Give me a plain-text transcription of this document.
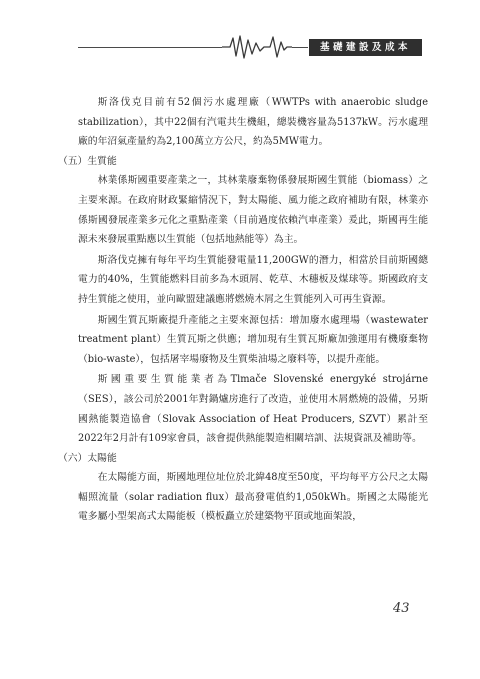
基礎建設及成本

斯洛伐克目前有52個污水處理廠（WWTPs with anaerobic sludge stabilization），其中22個有汽電共生機組，總裝機容量為5137kW。污水處理廠的年沼氣產量約為2,100萬立方公尺，約為5MW電力。

（五）生質能

林業係斯國重要產業之一，其林業廢棄物係發展斯國生質能（biomass）之主要來源。在政府財政緊縮情況下，對太陽能、風力能之政府補助有限，林業亦係斯國發展產業多元化之重點產業（目前過度依賴汽車產業）爰此，斯國再生能源未來發展重點應以生質能（包括地熱能等）為主。

斯洛伐克擁有每年平均生質能發電量11,200GW的潛力，相當於目前斯國總電力的40%，生質能燃料目前多為木頭屑、乾草、木穗板及煤球等。斯國政府支持生質能之使用，並向歐盟建議應將燃燒木屑之生質能列入可再生資源。

斯國生質瓦斯廠提升產能之主要來源包括：增加廢水處理場（wastewater treatment plant）生質瓦斯之供應；增加現有生質瓦斯廠加強運用有機廢棄物（bio-waste），包括屠宰場廢物及生質柴油場之廢料等，以提升產能。

斯國重要生質能業者為Tlmače Slovenské energyké strojárne （SES），該公司於2001年對鍋爐房進行了改造，並使用木屑燃燒的設備，另斯國熱能製造協會（Slovak Association of Heat Producers, SZVT）累計至2022年2月計有109家會員，該會提供熱能製造相關培訓、法規資訊及補助等。

（六）太陽能

在太陽能方面，斯國地理位址位於北緯48度至50度，平均每平方公尺之太陽輻照流量（solar radiation flux）最高發電值約1,050kWh。斯國之太陽能光電多屬小型架高式太陽能板（模板矗立於建築物平頂或地面架設，

43
